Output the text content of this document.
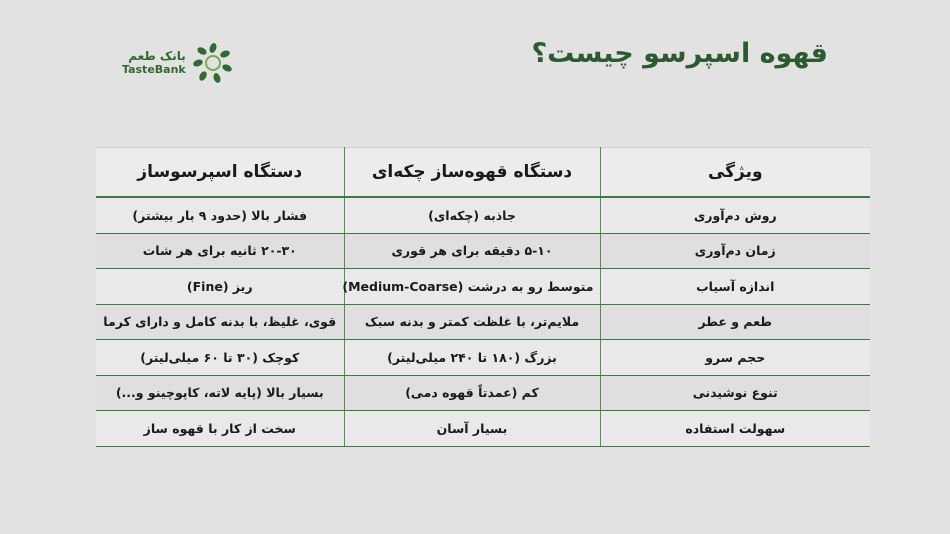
قهوه اسپرسو چیست؟
بانک طعم
TasteBank
ویژگی	دستگاه قهوه‌ساز چکه‌ای	دستگاه اسپرسوساز
روش دم‌آوری	جاذبه (چکه‌ای)	فشار بالا (حدود ۹ بار بیشتر)
زمان دم‌آوری	۵-۱۰ دقیقه برای هر قوری	۲۰-۳۰ ثانیه برای هر شات
اندازه آسیاب	متوسط رو به درشت (Medium-Coarse)	ریز (Fine)
طعم و عطر	ملایم‌تر، با غلظت کمتر و بدنه سبک	قوی، غلیظ، با بدنه کامل و دارای کرما
حجم سرو	بزرگ (۱۸۰ تا ۲۴۰ میلی‌لیتر)	کوچک (۳۰ تا ۶۰ میلی‌لیتر)
تنوع نوشیدنی	کم (عمدتاً قهوه دمی)	بسیار بالا (پایه لاته، کاپوچینو و...)
سهولت استفاده	بسیار آسان	سخت از کار با قهوه ساز
